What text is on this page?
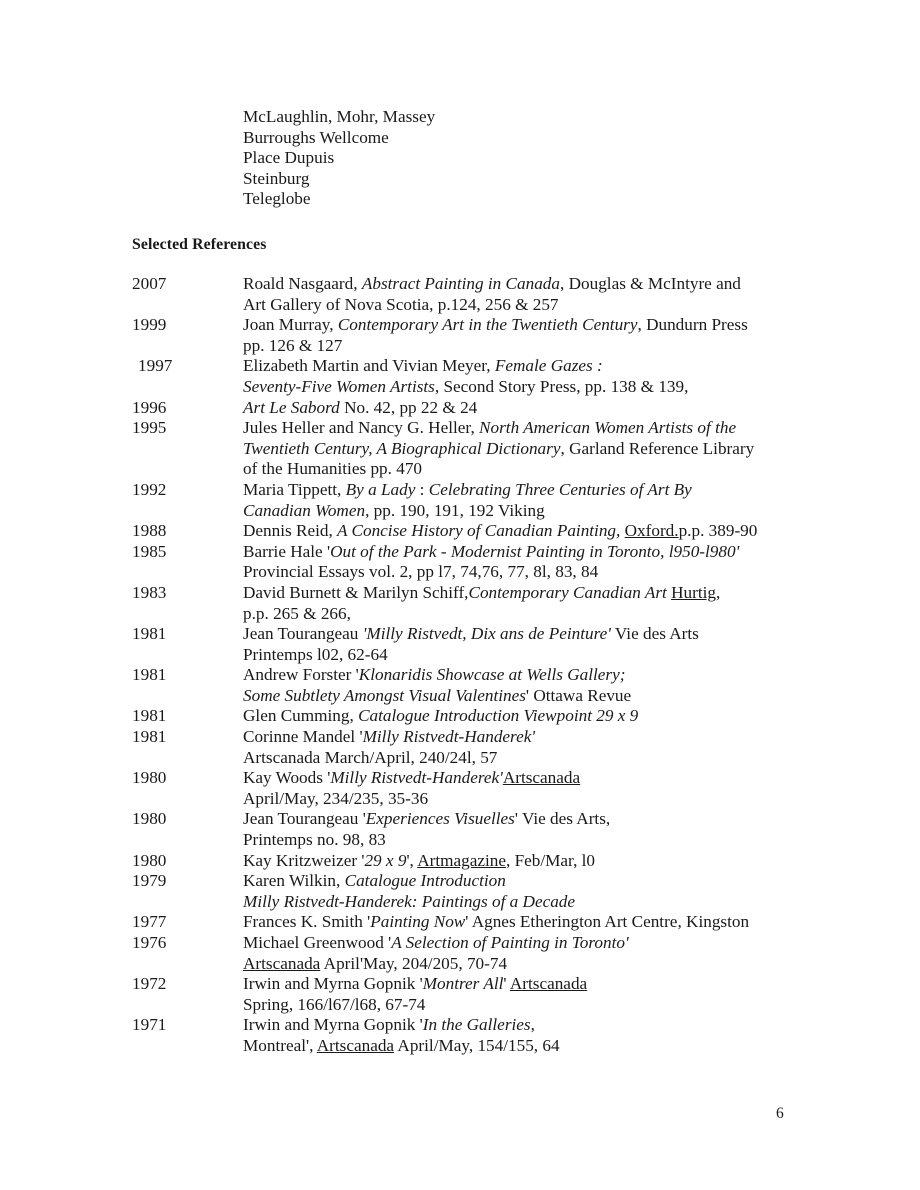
McLaughlin, Mohr, Massey
Burroughs Wellcome
Place Dupuis
Steinburg
Teleglobe
Selected References
2007	Roald Nasgaard, Abstract Painting in Canada, Douglas & McIntyre and
Art Gallery of Nova Scotia, p.124, 256 & 257
1999	Joan Murray, Contemporary Art in the Twentieth Century, Dundurn Press
pp. 126 & 127
1997	Elizabeth Martin and Vivian Meyer, Female Gazes :
Seventy-Five Women Artists, Second Story Press, pp. 138 & 139,
1996	Art Le Sabord No. 42, pp 22 & 24
1995	Jules Heller and Nancy G. Heller, North American Women Artists of the
Twentieth Century, A Biographical Dictionary, Garland Reference Library
of the Humanities pp. 470
1992	Maria Tippett, By a Lady : Celebrating Three Centuries of Art By
Canadian Women, pp. 190, 191, 192 Viking
1988	Dennis Reid, A Concise History of Canadian Painting, Oxford.p.p. 389-90
1985	Barrie Hale 'Out of the Park - Modernist Painting in Toronto, l950-l980'
Provincial Essays vol. 2, pp l7, 74,76, 77, 8l, 83, 84
1983	David Burnett & Marilyn Schiff,Contemporary Canadian Art Hurtig,
p.p. 265 & 266,
1981	Jean Tourangeau 'Milly Ristvedt, Dix ans de Peinture' Vie des Arts
Printemps l02, 62-64
1981	Andrew Forster 'Klonaridis Showcase at Wells Gallery;
Some Subtlety Amongst Visual Valentines' Ottawa Revue
1981	Glen Cumming, Catalogue Introduction Viewpoint 29 x 9
1981	Corinne Mandel 'Milly Ristvedt-Handerek'
Artscanada March/April, 240/24l, 57
1980	Kay Woods 'Milly Ristvedt-Handerek'Artscanada
April/May, 234/235, 35-36
1980	Jean Tourangeau 'Experiences Visuelles' Vie des Arts,
Printemps no. 98, 83
1980	Kay Kritzweizer '29 x 9', Artmagazine, Feb/Mar, l0
1979	Karen Wilkin, Catalogue Introduction
Milly Ristvedt-Handerek: Paintings of a Decade
1977	Frances K. Smith 'Painting Now' Agnes Etherington Art Centre, Kingston
1976	Michael Greenwood 'A Selection of Painting in Toronto'
Artscanada April'May, 204/205, 70-74
1972	Irwin and Myrna Gopnik 'Montrer All' Artscanada
Spring, 166/l67/l68, 67-74
1971	Irwin and Myrna Gopnik 'In the Galleries,
Montreal', Artscanada April/May, 154/155, 64
6
